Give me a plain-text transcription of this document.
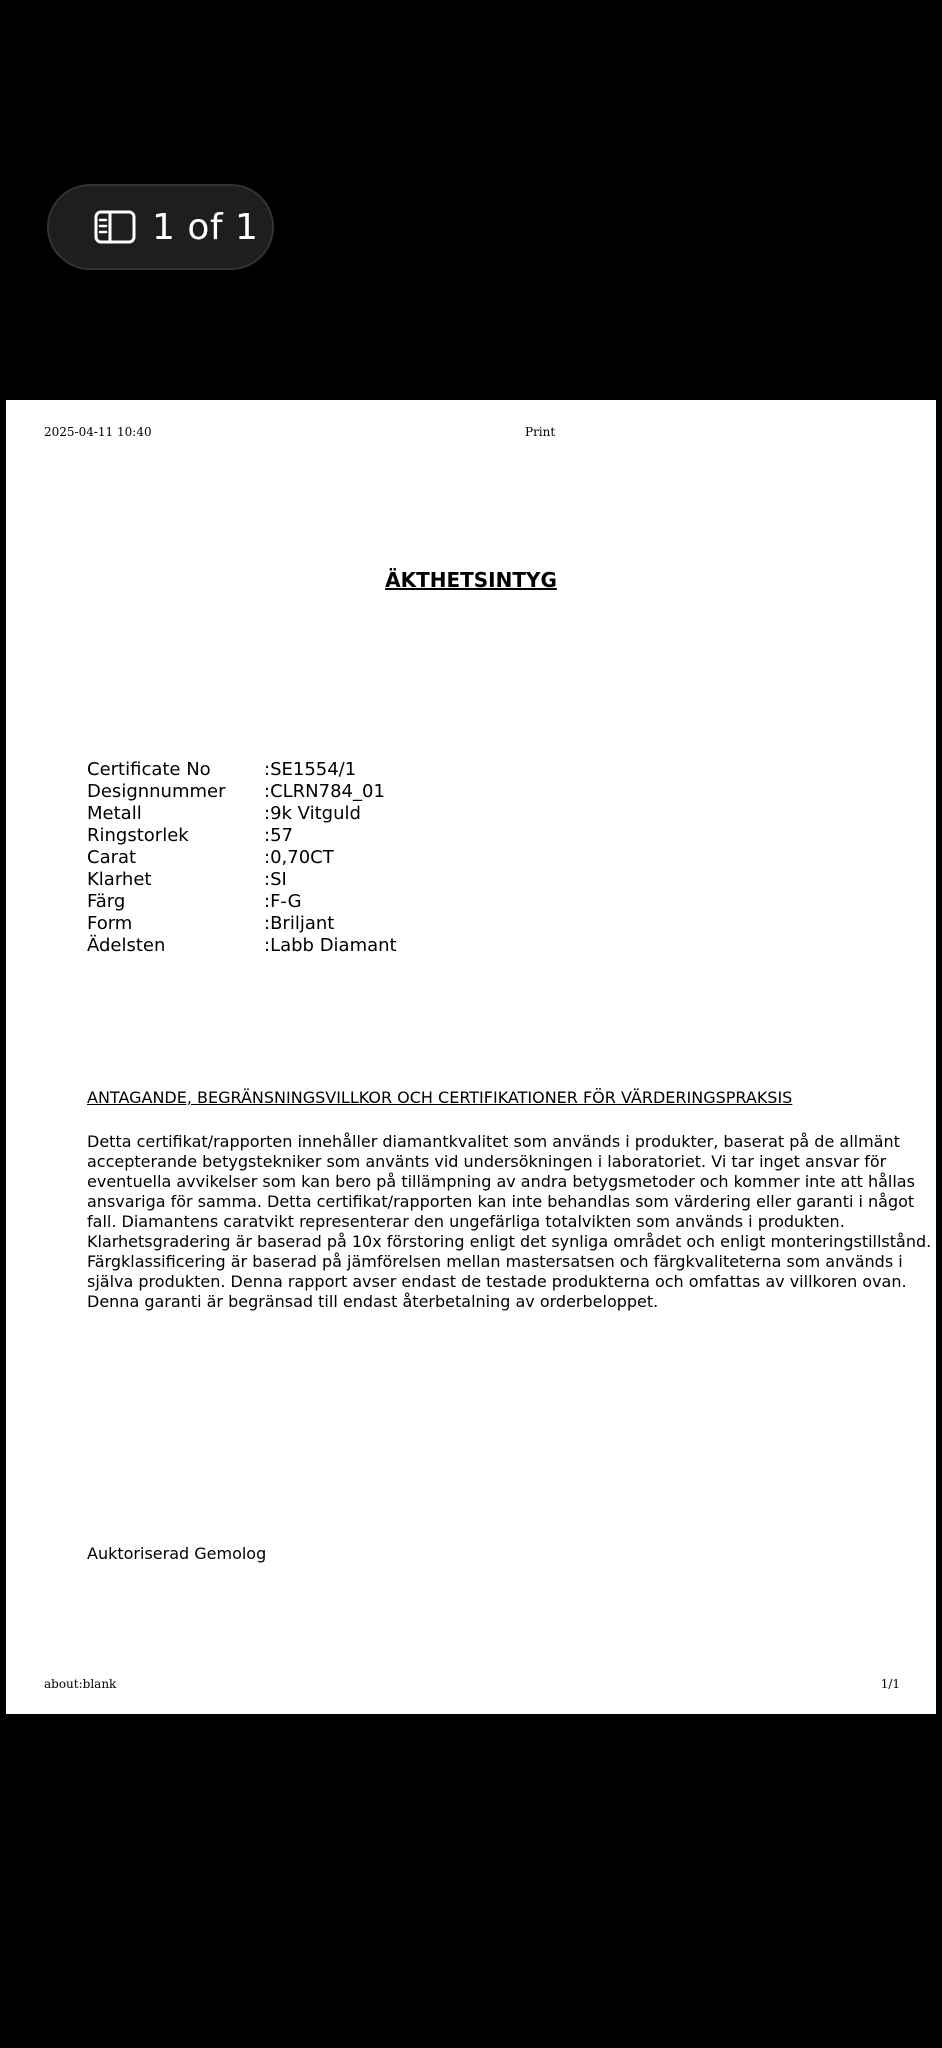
1 of 1
2025-04-11 10:40	Print
ÄKTHETSINTYG
Certificate No	:SE1554/1
Designnummer	:CLRN784_01
Metall	:9k Vitguld
Ringstorlek	:57
Carat	:0,70CT
Klarhet	:SI
Färg	:F-G
Form	:Briljant
Ädelsten	:Labb Diamant
ANTAGANDE, BEGRÄNSNINGSVILLKOR OCH CERTIFIKATIONER FÖR VÄRDERINGSPRAKSIS
Detta certifikat/rapporten innehåller diamantkvalitet som används i produkter, baserat på de allmänt
accepterande betygstekniker som använts vid undersökningen i laboratoriet. Vi tar inget ansvar för
eventuella avvikelser som kan bero på tillämpning av andra betygsmetoder och kommer inte att hållas
ansvariga för samma. Detta certifikat/rapporten kan inte behandlas som värdering eller garanti i något
fall. Diamantens caratvikt representerar den ungefärliga totalvikten som används i produkten.
Klarhetsgradering är baserad på 10x förstoring enligt det synliga området och enligt monteringstillstånd.
Färgklassificering är baserad på jämförelsen mellan mastersatsen och färgkvaliteterna som används i
själva produkten. Denna rapport avser endast de testade produkterna och omfattas av villkoren ovan.
Denna garanti är begränsad till endast återbetalning av orderbeloppet.
Auktoriserad Gemolog
about:blank	1/1
